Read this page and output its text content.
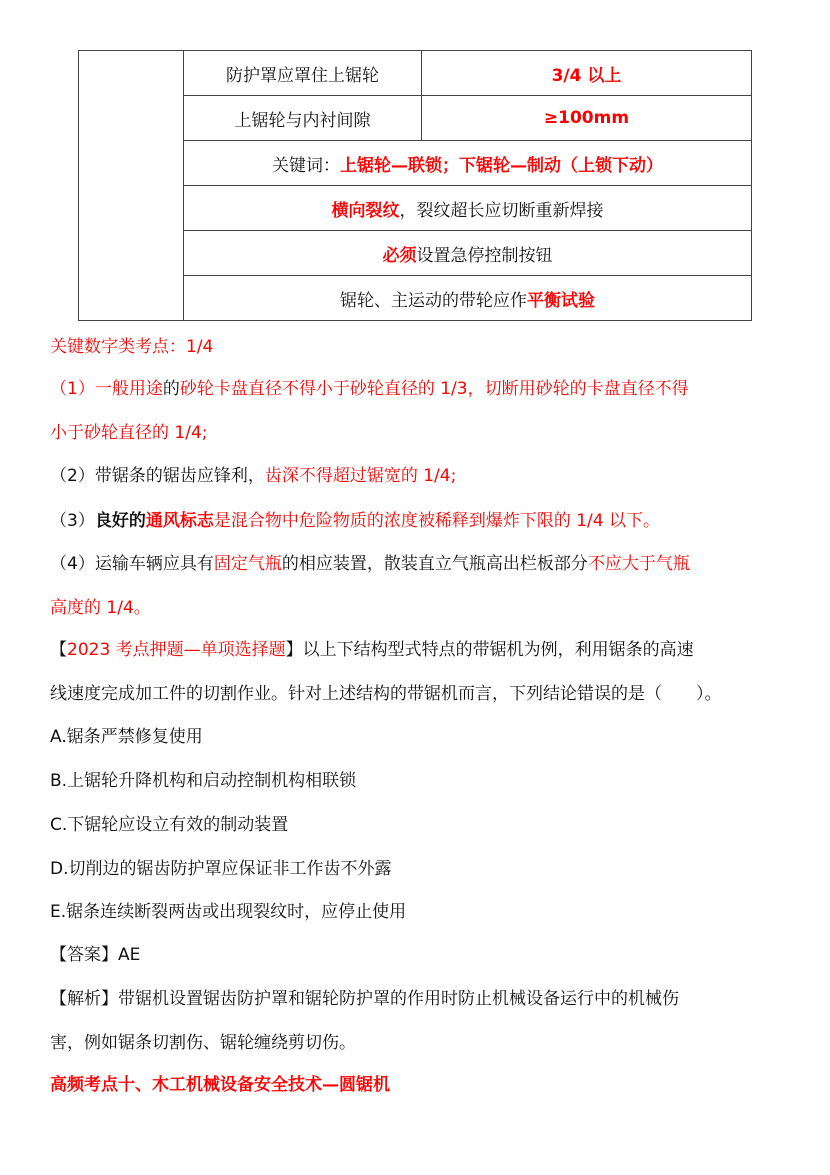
	防护罩应罩住上锯轮	3/4 以上
	上锯轮与内衬间隙	≥100mm
	关键词：上锯轮—联锁；下锯轮—制动（上锁下动）	
	横向裂纹，裂纹超长应切断重新焊接	
	必须设置急停控制按钮	
	锯轮、主运动的带轮应作平衡试验	
关键数字类考点：1/4
（1）一般用途的砂轮卡盘直径不得小于砂轮直径的 1/3，切断用砂轮的卡盘直径不得
小于砂轮直径的 1/4;
（2）带锯条的锯齿应锋利，齿深不得超过锯宽的 1/4;
（3）良好的通风标志是混合物中危险物质的浓度被稀释到爆炸下限的 1/4 以下。
（4）运输车辆应具有固定气瓶的相应装置，散装直立气瓶高出栏板部分不应大于气瓶
高度的 1/4。
【2023 考点押题—单项选择题】以上下结构型式特点的带锯机为例，利用锯条的高速
线速度完成加工件的切割作业。针对上述结构的带锯机而言，下列结论错误的是（　　）。
A.锯条严禁修复使用
B.上锯轮升降机构和启动控制机构相联锁
C.下锯轮应设立有效的制动装置
D.切削边的锯齿防护罩应保证非工作齿不外露
E.锯条连续断裂两齿或出现裂纹时，应停止使用
【答案】AE
【解析】带锯机设置锯齿防护罩和锯轮防护罩的作用时防止机械设备运行中的机械伤
害，例如锯条切割伤、锯轮缠绕剪切伤。
高频考点十、木工机械设备安全技术—圆锯机
